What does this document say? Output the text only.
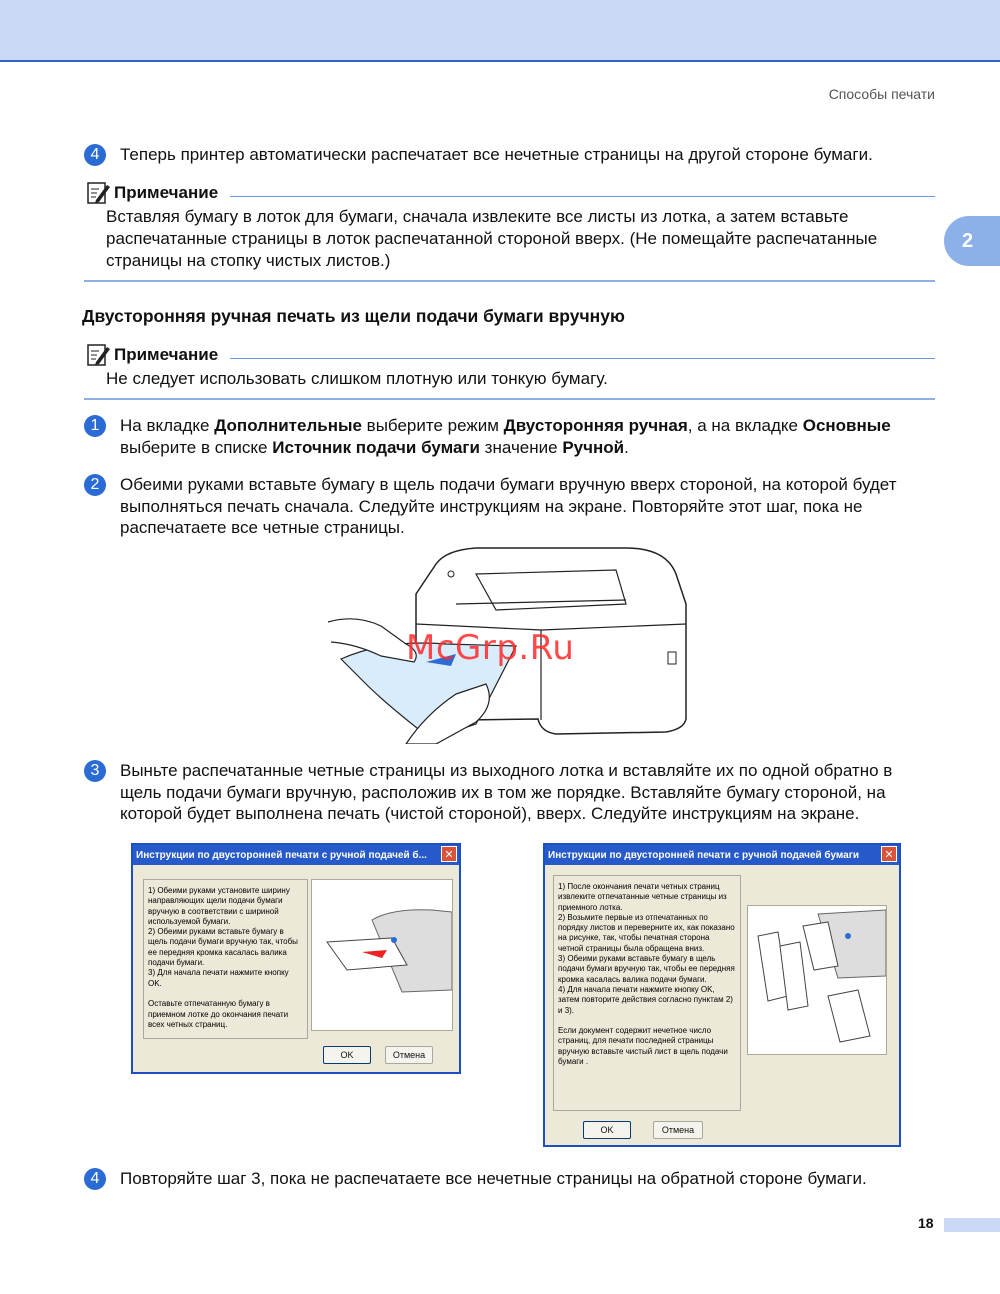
Способы печати
2
4	Теперь принтер автоматически распечатает все нечетные страницы на другой стороне бумаги.
Примечание
Вставляя бумагу в лоток для бумаги, сначала извлеките все листы из лотка, а затем вставьте распечатанные страницы в лоток распечатанной стороной вверх. (Не помещайте распечатанные страницы на стопку чистых листов.)
Двусторонняя ручная печать из щели подачи бумаги вручную
Примечание
Не следует использовать слишком плотную или тонкую бумагу.
1	На вкладке Дополнительные выберите режим Двусторонняя ручная, а на вкладке Основные выберите в списке Источник подачи бумаги значение Ручной.
2	Обеими руками вставьте бумагу в щель подачи бумаги вручную вверх стороной, на которой будет выполняться печать сначала. Следуйте инструкциям на экране. Повторяйте этот шаг, пока не распечатаете все четные страницы.
McGrp.Ru
3	Выньте распечатанные четные страницы из выходного лотка и вставляйте их по одной обратно в щель подачи бумаги вручную, расположив их в том же порядке. Вставляйте бумагу стороной, на которой будет выполнена печать (чистой стороной), вверх. Следуйте инструкциям на экране.
Инструкции по двусторонней печати с ручной подачей б...	✕
1) Обеими руками установите ширину направляющих щели подачи бумаги вручную в соответствии с шириной используемой бумаги.
2) Обеими руками вставьте бумагу в щель подачи бумаги вручную так, чтобы ее передняя кромка касалась валика подачи бумаги.
3) Для начала печати нажмите кнопку OK.

Оставьте отпечатанную бумагу в приемном лотке до окончания печати всех четных страниц.
OK	Отмена
Инструкции по двусторонней печати с ручной подачей бумаги	✕
1) После окончания печати четных страниц извлеките отпечатанные четные страницы из приемного лотка.
2) Возьмите первые из отпечатанных по порядку листов и переверните их, как показано на рисунке, так, чтобы печатная сторона четной страницы была обращена вниз.
3) Обеими руками вставьте бумагу в щель подачи бумаги вручную так, чтобы ее передняя кромка касалась валика подачи бумаги.
4) Для начала печати нажмите кнопку OK, затем повторите действия согласно пунктам 2) и 3).

Если документ содержит нечетное число страниц, для печати последней страницы вручную вставьте чистый лист в щель подачи бумаги .
OK	Отмена
4	Повторяйте шаг 3, пока не распечатаете все нечетные страницы на обратной стороне бумаги.
18
